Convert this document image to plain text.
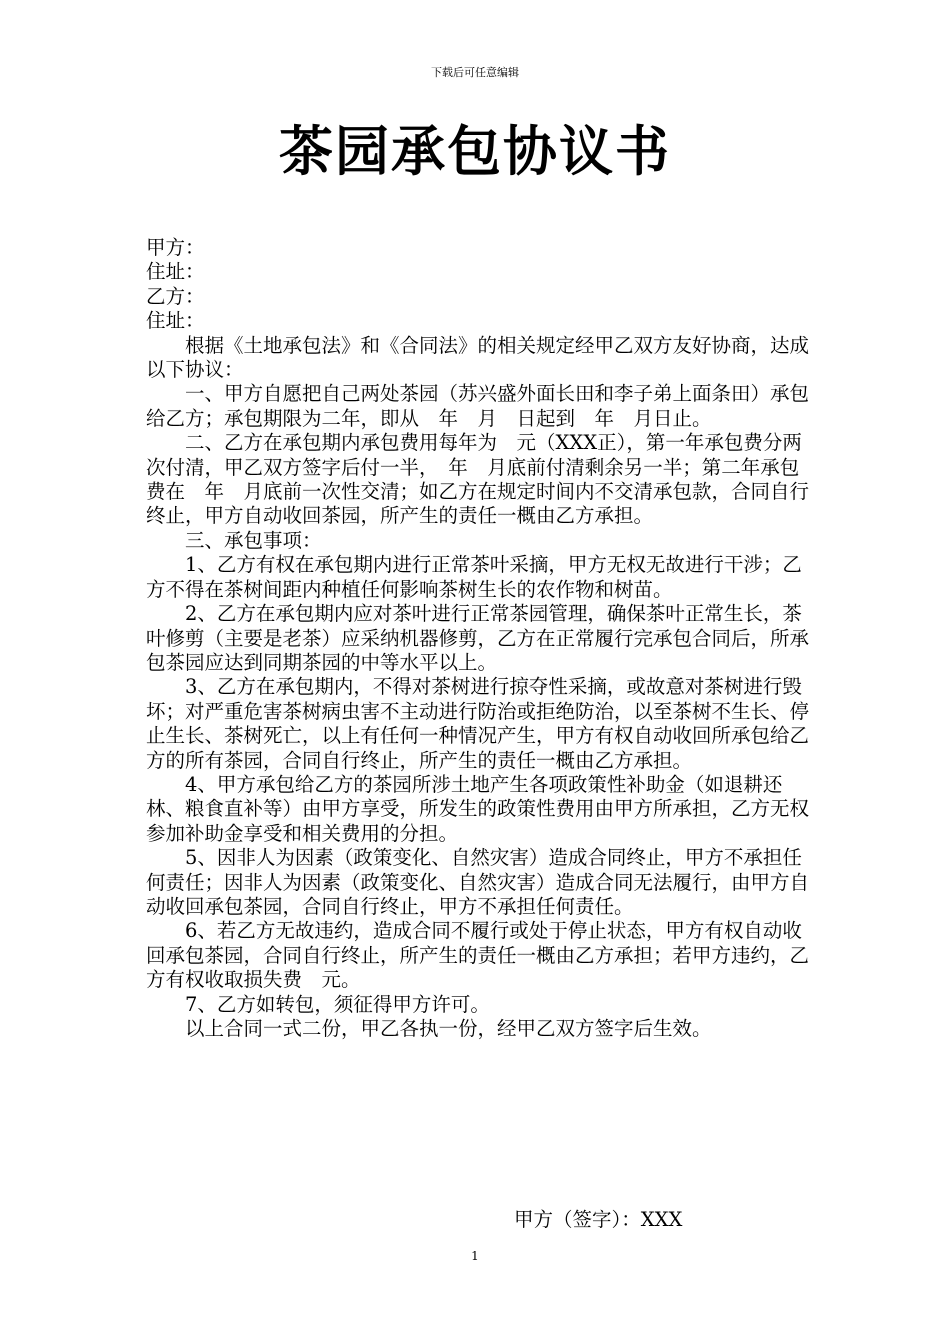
下载后可任意编辑
茶园承包协议书

甲方：

住址：

乙方：

住址：

根据《土地承包法》和《合同法》的相关规定经甲乙双方友好协商，达成以下协议：

一、甲方自愿把自己两处茶园（苏兴盛外面长田和李子弟上面条田）承包给乙方；承包期限为二年，即从　年　月　日起到　年　月日止。

二、乙方在承包期内承包费用每年为　元（XXX正），第一年承包费分两次付清，甲乙双方签字后付一半，　年　月底前付清剩余另一半；第二年承包费在　年　月底前一次性交清；如乙方在规定时间内不交清承包款，合同自行终止，甲方自动收回茶园，所产生的责任一概由乙方承担。

三、承包事项：

1、乙方有权在承包期内进行正常茶叶采摘，甲方无权无故进行干涉；乙方不得在茶树间距内种植任何影响茶树生长的农作物和树苗。

2、乙方在承包期内应对茶叶进行正常茶园管理，确保茶叶正常生长，茶叶修剪（主要是老茶）应采纳机器修剪，乙方在正常履行完承包合同后，所承包茶园应达到同期茶园的中等水平以上。

3、乙方在承包期内，不得对茶树进行掠夺性采摘，或故意对茶树进行毁坏；对严重危害茶树病虫害不主动进行防治或拒绝防治，以至茶树不生长、停止生长、茶树死亡，以上有任何一种情况产生，甲方有权自动收回所承包给乙方的所有茶园，合同自行终止，所产生的责任一概由乙方承担。

4、甲方承包给乙方的茶园所涉土地产生各项政策性补助金（如退耕还林、粮食直补等）由甲方享受，所发生的政策性费用由甲方所承担，乙方无权参加补助金享受和相关费用的分担。

5、因非人为因素（政策变化、自然灾害）造成合同终止，甲方不承担任何责任；因非人为因素（政策变化、自然灾害）造成合同无法履行，由甲方自动收回承包茶园，合同自行终止，甲方不承担任何责任。

6、若乙方无故违约，造成合同不履行或处于停止状态，甲方有权自动收回承包茶园，合同自行终止，所产生的责任一概由乙方承担；若甲方违约，乙方有权收取损失费　元。

7、乙方如转包，须征得甲方许可。

以上合同一式二份，甲乙各执一份，经甲乙双方签字后生效。

甲方（签字）：XXX
1
